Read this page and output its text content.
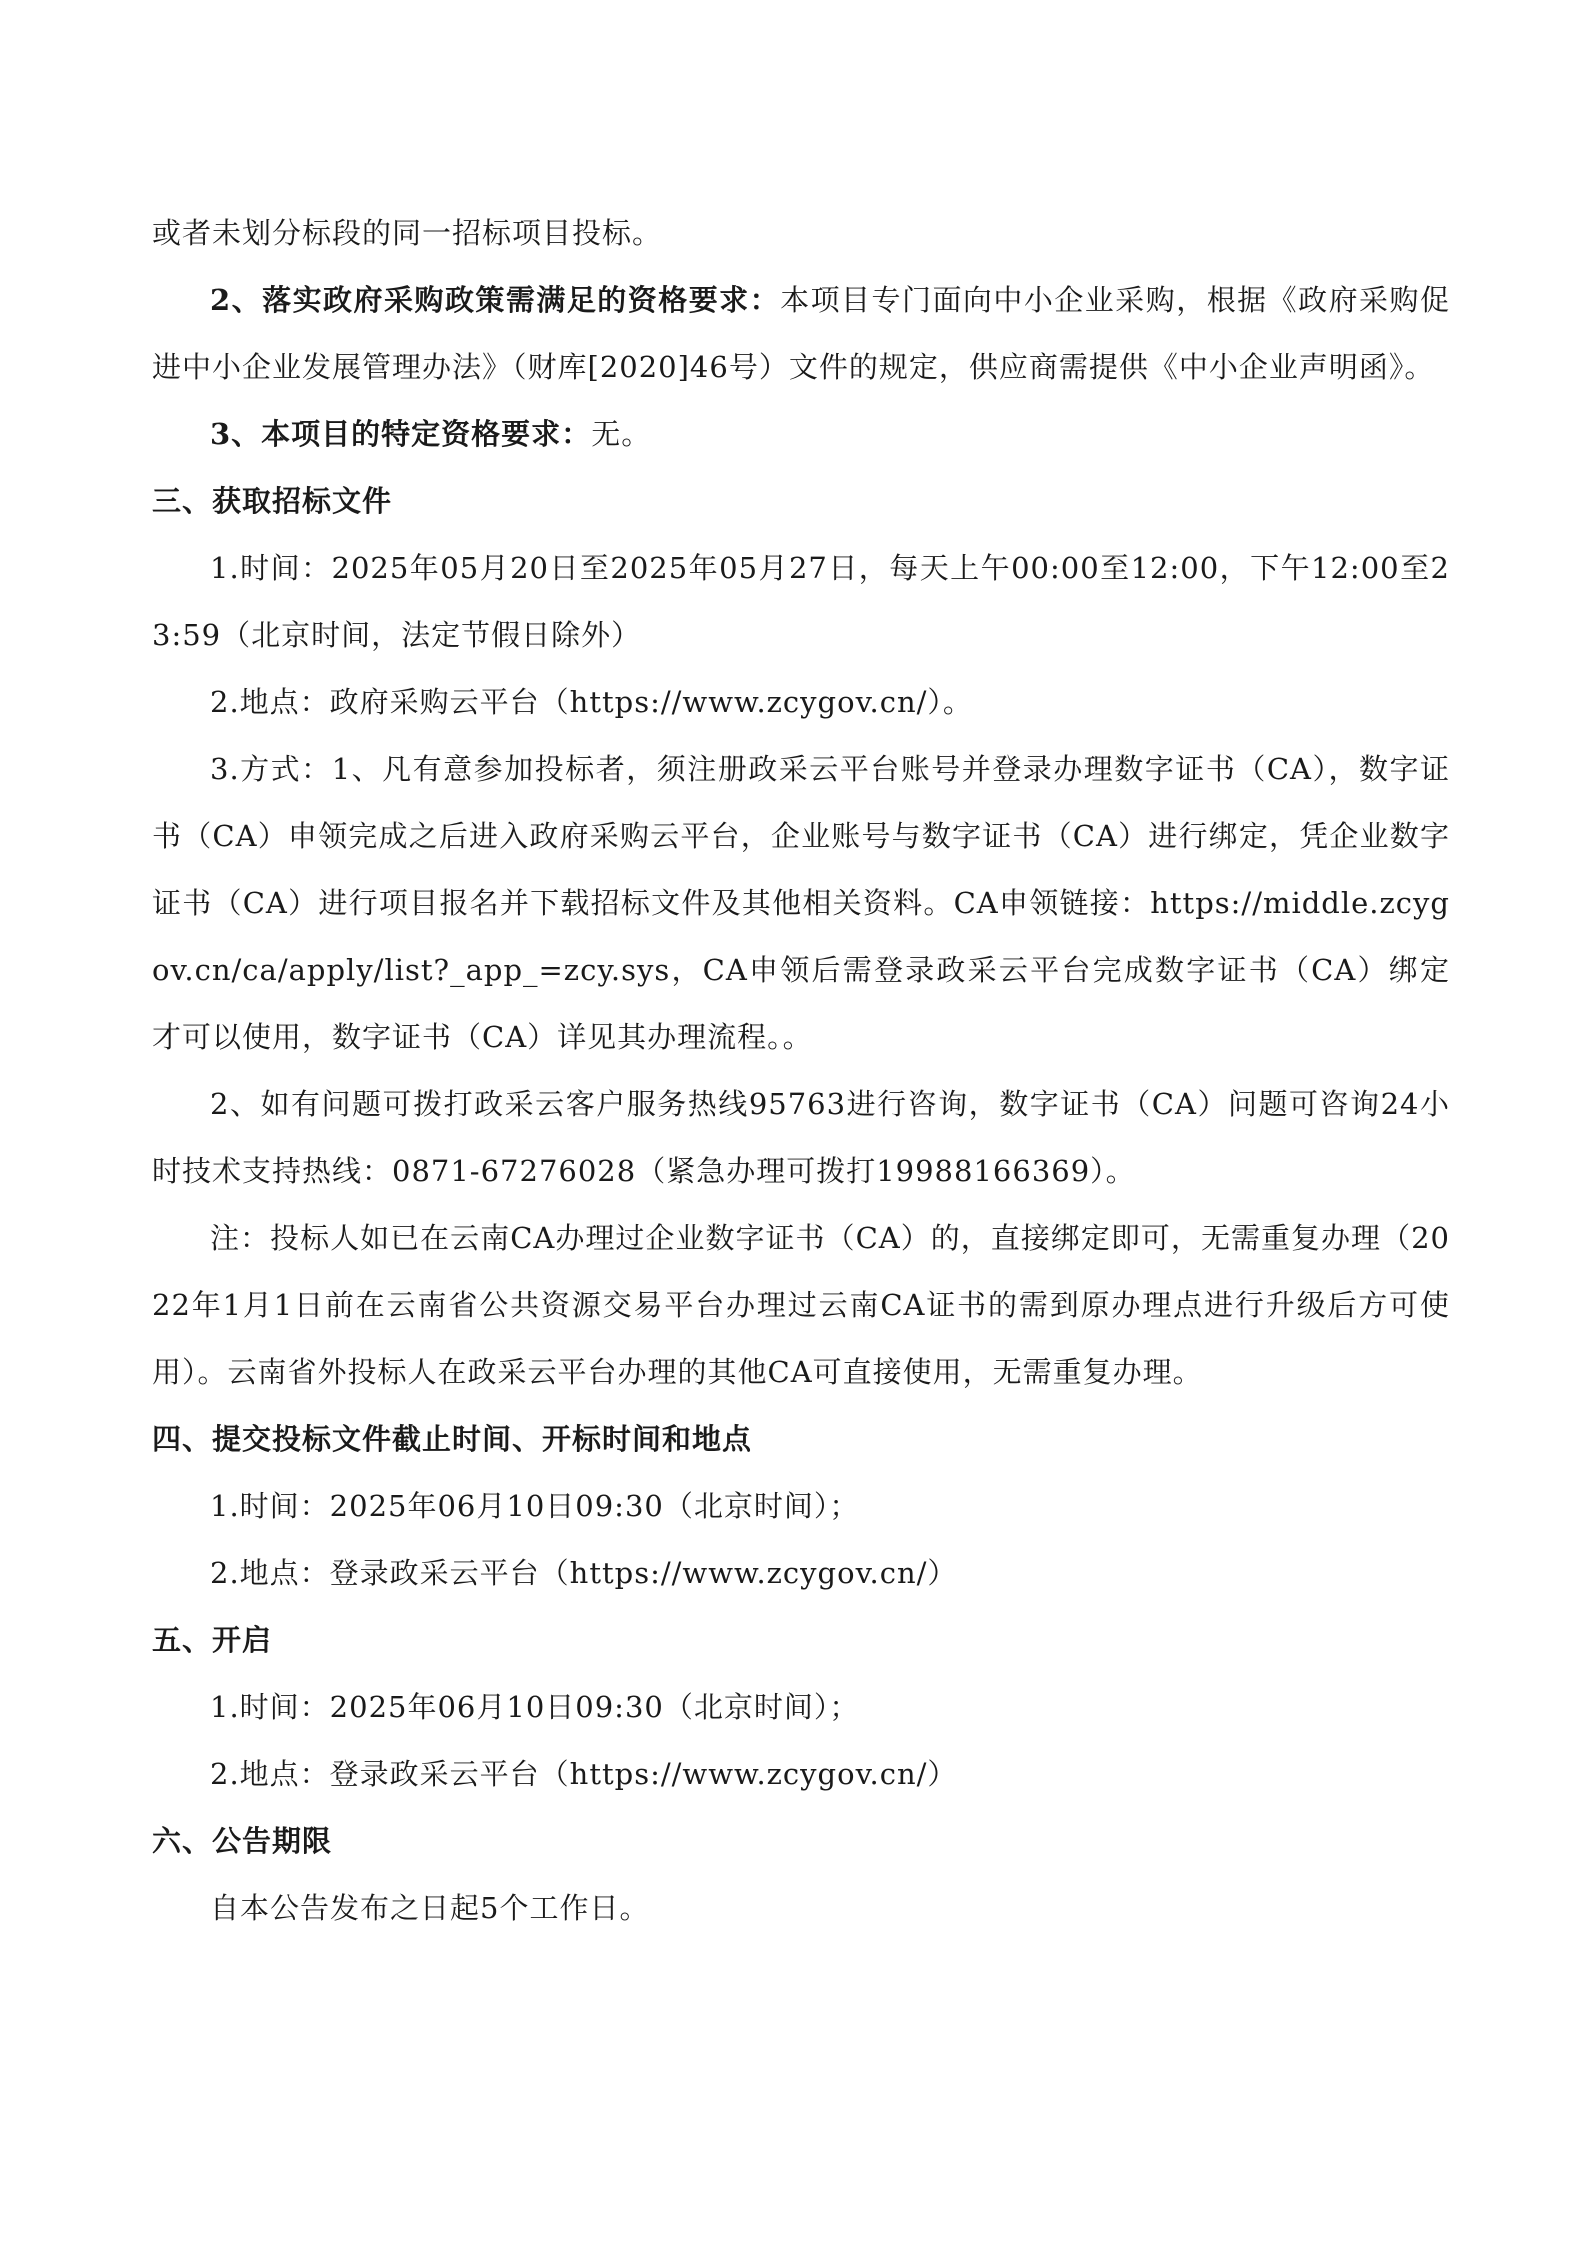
或者未划分标段的同一招标项目投标。

2、落实政府采购政策需满足的资格要求：本项目专门面向中小企业采购，根据《政府采购促进中小企业发展管理办法》（财库[2020]46号）文件的规定，供应商需提供《中小企业声明函》。

3、本项目的特定资格要求：无。

三、获取招标文件

1.时间：2025年05月20日至2025年05月27日，每天上午00:00至12:00，下午12:00至23:59（北京时间，法定节假日除外）

2.地点：政府采购云平台（https://www.zcygov.cn/）。

3.方式：1、凡有意参加投标者，须注册政采云平台账号并登录办理数字证书（CA），数字证书（CA）申领完成之后进入政府采购云平台，企业账号与数字证书（CA）进行绑定，凭企业数字证书（CA）进行项目报名并下载招标文件及其他相关资料。CA申领链接：https://middle.zcygov.cn/ca/apply/list?_app_=zcy.sys，CA申领后需登录政采云平台完成数字证书（CA）绑定才可以使用，数字证书（CA）详见其办理流程。。

2、如有问题可拨打政采云客户服务热线95763进行咨询，数字证书（CA）问题可咨询24小时技术支持热线：0871-67276028（紧急办理可拨打19988166369）。

注：投标人如已在云南CA办理过企业数字证书（CA）的，直接绑定即可，无需重复办理（2022年1月1日前在云南省公共资源交易平台办理过云南CA证书的需到原办理点进行升级后方可使用）。云南省外投标人在政采云平台办理的其他CA可直接使用，无需重复办理。

四、提交投标文件截止时间、开标时间和地点

1.时间：2025年06月10日09:30（北京时间）；

2.地点：登录政采云平台（https://www.zcygov.cn/）

五、开启

1.时间：2025年06月10日09:30（北京时间）；

2.地点：登录政采云平台（https://www.zcygov.cn/）

六、公告期限

自本公告发布之日起5个工作日。
